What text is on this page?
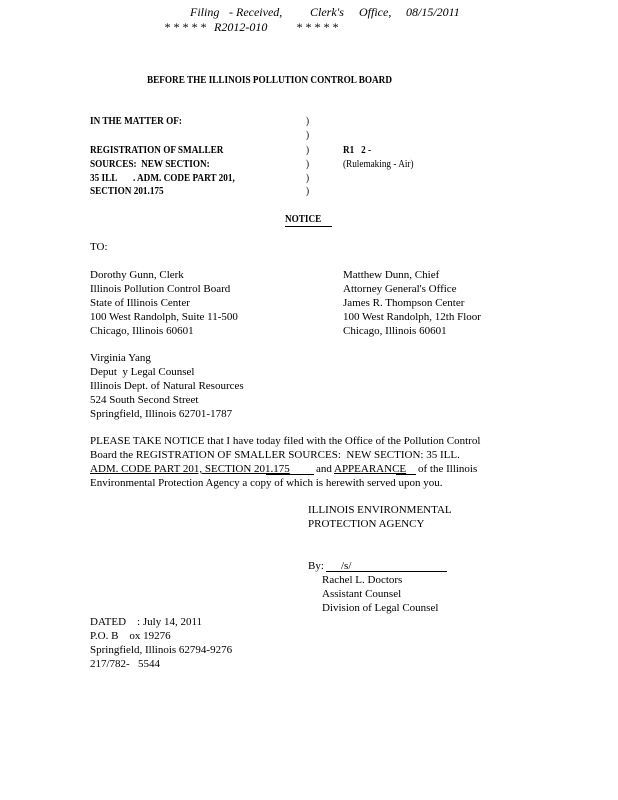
Filing - Received, Clerk's Office, 08/15/2011
* * * * * R2012-010 * * * * *
BEFORE THE ILLINOIS POLLUTION CONTROL BOARD
IN THE MATTER OF:
REGISTRATION OF SMALLER
SOURCES:  NEW SECTION:
35 ILL       . ADM. CODE PART 201,
SECTION 201.175
)
)
)
)
)
)
R1   2 -
(Rulemaking - Air)
NOTICE
TO:
Dorothy Gunn, Clerk
Illinois Pollution Control Board
State of Illinois Center
100 West Randolph, Suite 11-500
Chicago, Illinois 60601
Matthew Dunn, Chief
Attorney General's Office
James R. Thompson Center
100 West Randolph, 12th Floor
Chicago, Illinois 60601
Virginia Yang
Deput  y Legal Counsel
Illinois Dept. of Natural Resources
524 South Second Street
Springfield, Illinois 62701-1787
PLEASE TAKE NOTICE that I have today filed with the Office of the Pollution Control
Board the REGISTRATION OF SMALLER SOURCES:  NEW SECTION: 35 ILL.
ADM. CODE PART 201, SECTION 201.175 and APPEARANCE of the Illinois
Environmental Protection Agency a copy of which is herewith served upon you.
ILLINOIS ENVIRONMENTAL
PROTECTION AGENCY
By: /s/
Rachel L. Doctors
Assistant Counsel
Division of Legal Counsel
DATED    : July 14, 2011
P.O. B    ox 19276
Springfield, Illinois 62794-9276
217/782-   5544
